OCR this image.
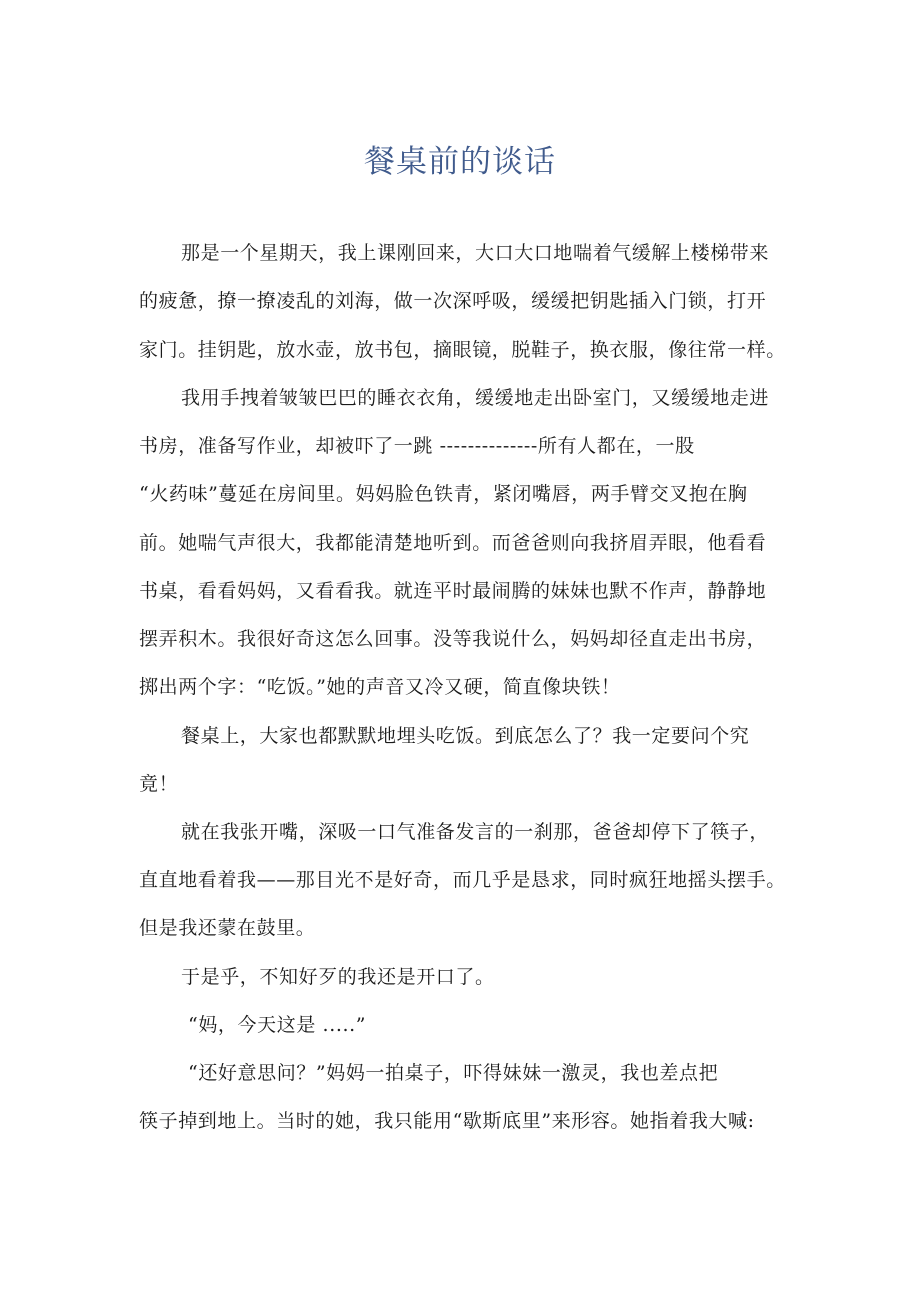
餐桌前的谈话
那是一个星期天，我上课刚回来，大口大口地喘着气缓解上楼梯带来
的疲惫，撩一撩凌乱的刘海，做一次深呼吸，缓缓把钥匙插入门锁，打开
家门。挂钥匙，放水壶，放书包，摘眼镜，脱鞋子，换衣服，像往常一样。
我用手拽着皱皱巴巴的睡衣衣角，缓缓地走出卧室门，又缓缓地走进
书房，准备写作业，却被吓了一跳 --------------所有人都在，一股
“火药味”蔓延在房间里。妈妈脸色铁青，紧闭嘴唇，两手臂交叉抱在胸
前。她喘气声很大，我都能清楚地听到。而爸爸则向我挤眉弄眼，他看看
书桌，看看妈妈，又看看我。就连平时最闹腾的妹妹也默不作声，静静地
摆弄积木。我很好奇这怎么回事。没等我说什么，妈妈却径直走出书房，
掷出两个字：“吃饭。”她的声音又冷又硬，简直像块铁！
餐桌上，大家也都默默地埋头吃饭。到底怎么了？我一定要问个究
竟！
就在我张开嘴，深吸一口气准备发言的一刹那，爸爸却停下了筷子，
直直地看着我——那目光不是好奇，而几乎是恳求，同时疯狂地摇头摆手。
但是我还蒙在鼓里。
于是乎，不知好歹的我还是开口了。
“妈，今天这是 .....”
“还好意思问？”妈妈一拍桌子，吓得妹妹一激灵，我也差点把
筷子掉到地上。当时的她，我只能用“歇斯底里”来形容。她指着我大喊:
